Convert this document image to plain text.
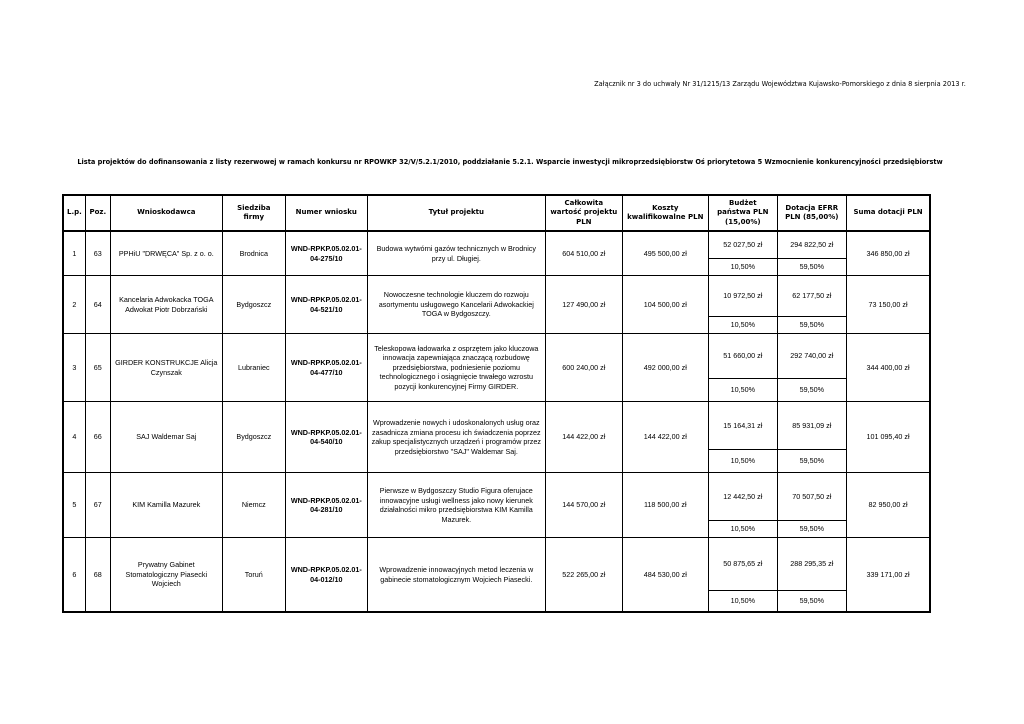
Załącznik nr 3 do uchwały Nr 31/1215/13 Zarządu Województwa Kujawsko-Pomorskiego z dnia 8 sierpnia 2013 r.
Lista projektów do dofinansowania z listy rezerwowej w ramach konkursu nr RPOWKP 32/V/5.2.1/2010, poddziałanie 5.2.1. Wsparcie inwestycji mikroprzedsiębiorstw Oś priorytetowa 5 Wzmocnienie konkurencyjności przedsiębiorstw
L.p.	Poz.	Wnioskodawca	Siedziba firmy	Numer wniosku	Tytuł projektu	Całkowita wartość projektu PLN	Koszty kwalifikowalne PLN	Budżet państwa PLN (15,00%)	Dotacja EFRR PLN (85,00%)	Suma dotacji PLN
1	63	PPHiU "DRWĘCA" Sp. z o. o.	Brodnica	WND-RPKP.05.02.01-04-275/10	Budowa wytwórni gazów technicznych w Brodnicy przy ul. Długiej.	604 510,00 zł	495 500,00 zł	52 027,50 zł	294 822,50 zł	346 850,00 zł
								10,50%	59,50%	
2	64	Kancelaria Adwokacka TOGA Adwokat Piotr Dobrzański	Bydgoszcz	WND-RPKP.05.02.01-04-521/10	Nowoczesne technologie kluczem do rozwoju asortymentu usługowego Kancelarii Adwokackiej TOGA w Bydgoszczy.	127 490,00 zł	104 500,00 zł	10 972,50 zł	62 177,50 zł	73 150,00 zł
								10,50%	59,50%	
3	65	GIRDER KONSTRUKCJE Alicja Czynszak	Lubraniec	WND-RPKP.05.02.01-04-477/10	Teleskopowa ładowarka z osprzętem jako kluczowa innowacja zapewniająca znaczącą rozbudowę przedsiębiorstwa, podniesienie poziomu technologicznego i osiągnięcie trwałego wzrostu pozycji konkurencyjnej Firmy GIRDER.	600 240,00 zł	492 000,00 zł	51 660,00 zł	292 740,00 zł	344 400,00 zł
								10,50%	59,50%	
4	66	SAJ Waldemar Saj	Bydgoszcz	WND-RPKP.05.02.01-04-540/10	Wprowadzenie nowych i udoskonalonych usług oraz zasadnicza zmiana procesu ich świadczenia poprzez zakup specjalistycznych urządzeń i programów przez przedsiębiorstwo "SAJ" Waldemar Saj.	144 422,00 zł	144 422,00 zł	15 164,31 zł	85 931,09 zł	101 095,40 zł
								10,50%	59,50%	
5	67	KIM Kamilla Mazurek	Niemcz	WND-RPKP.05.02.01-04-281/10	Pierwsze w Bydgoszczy Studio Figura oferujace innowacyjne usługi wellness jako nowy kierunek działalności mikro przedsiębiorstwa KIM Kamilla Mazurek.	144 570,00 zł	118 500,00 zł	12 442,50 zł	70 507,50 zł	82 950,00 zł
								10,50%	59,50%	
6	68	Prywatny Gabinet Stomatologiczny Piasecki Wojciech	Toruń	WND-RPKP.05.02.01-04-012/10	Wprowadzenie innowacyjnych metod leczenia w gabinecie stomatologicznym Wojciech Piasecki.	522 265,00 zł	484 530,00 zł	50 875,65 zł	288 295,35 zł	339 171,00 zł
								10,50%	59,50%	
